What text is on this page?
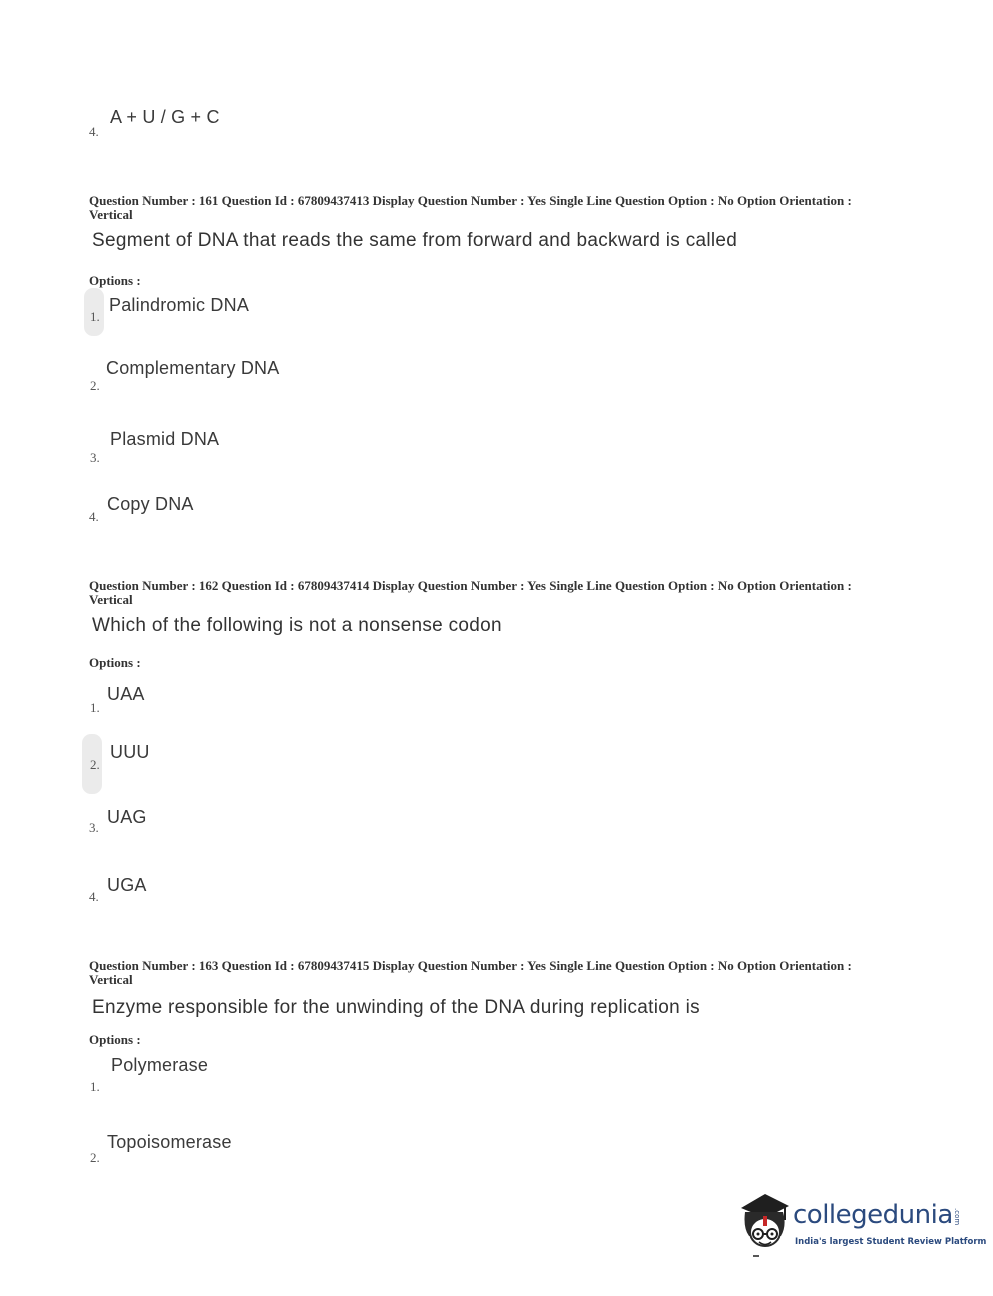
A + U / G + C
4.
Question Number : 161 Question Id : 67809437413 Display Question Number : Yes Single Line Question Option : No Option Orientation : Vertical
Segment of DNA that reads the same from forward and backward is called
Options :
Palindromic DNA
1.
Complementary DNA
2.
Plasmid DNA
3.
Copy DNA
4.
Question Number : 162 Question Id : 67809437414 Display Question Number : Yes Single Line Question Option : No Option Orientation : Vertical
Which of the following is not a nonsense codon
Options :
UAA
1.
UUU
2.
UAG
3.
UGA
4.
Question Number : 163 Question Id : 67809437415 Display Question Number : Yes Single Line Question Option : No Option Orientation : Vertical
Enzyme responsible for the unwinding of the DNA during replication is
Options :
Polymerase
1.
Topoisomerase
2.
collegedunia .com
India's largest Student Review Platform
